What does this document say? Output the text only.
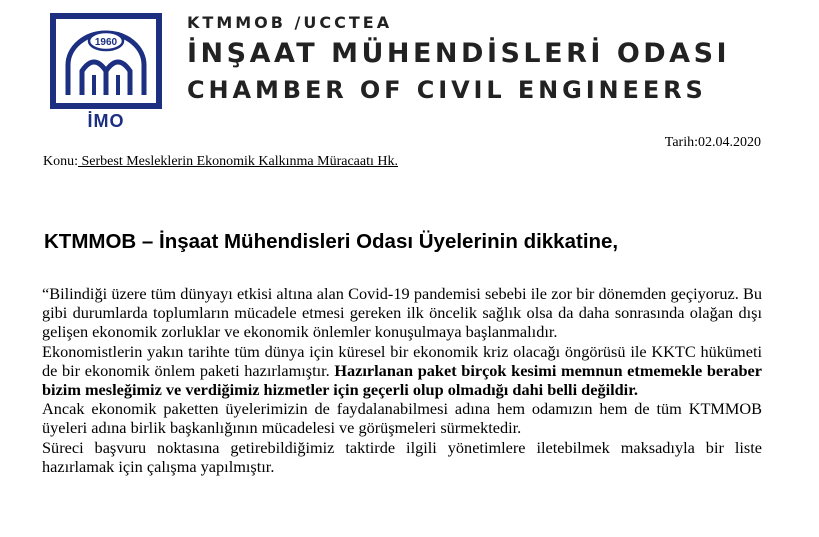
1960
İMO
KTMMOB /UCCTEA
İNŞAAT MÜHENDİSLERİ ODASI
CHAMBER OF CIVIL ENGINEERS
Tarih:02.04.2020
Konu: Serbest Mesleklerin Ekonomik Kalkınma Müracaatı Hk.
KTMMOB – İnşaat Mühendisleri Odası Üyelerinin dikkatine,

“Bilindiği üzere tüm dünyayı etkisi altına alan Covid-19 pandemisi sebebi ile zor bir dönemden geçiyoruz. Bu gibi durumlarda toplumların mücadele etmesi gereken ilk öncelik sağlık olsa da daha sonrasında olağan dışı gelişen ekonomik zorluklar ve ekonomik önlemler konuşulmaya başlanmalıdır.

Ekonomistlerin yakın tarihte tüm dünya için küresel bir ekonomik kriz olacağı öngörüsü ile KKTC hükümeti de bir ekonomik önlem paketi hazırlamıştır. Hazırlanan paket birçok kesimi memnun etmemekle beraber bizim mesleğimiz ve verdiğimiz hizmetler için geçerli olup olmadığı dahi belli değildir.

Ancak ekonomik paketten üyelerimizin de faydalanabilmesi adına hem odamızın hem de tüm KTMMOB üyeleri adına birlik başkanlığının mücadelesi ve görüşmeleri sürmektedir.

Süreci başvuru noktasına getirebildiğimiz taktirde ilgili yönetimlere iletebilmek maksadıyla bir liste hazırlamak için çalışma yapılmıştır.
